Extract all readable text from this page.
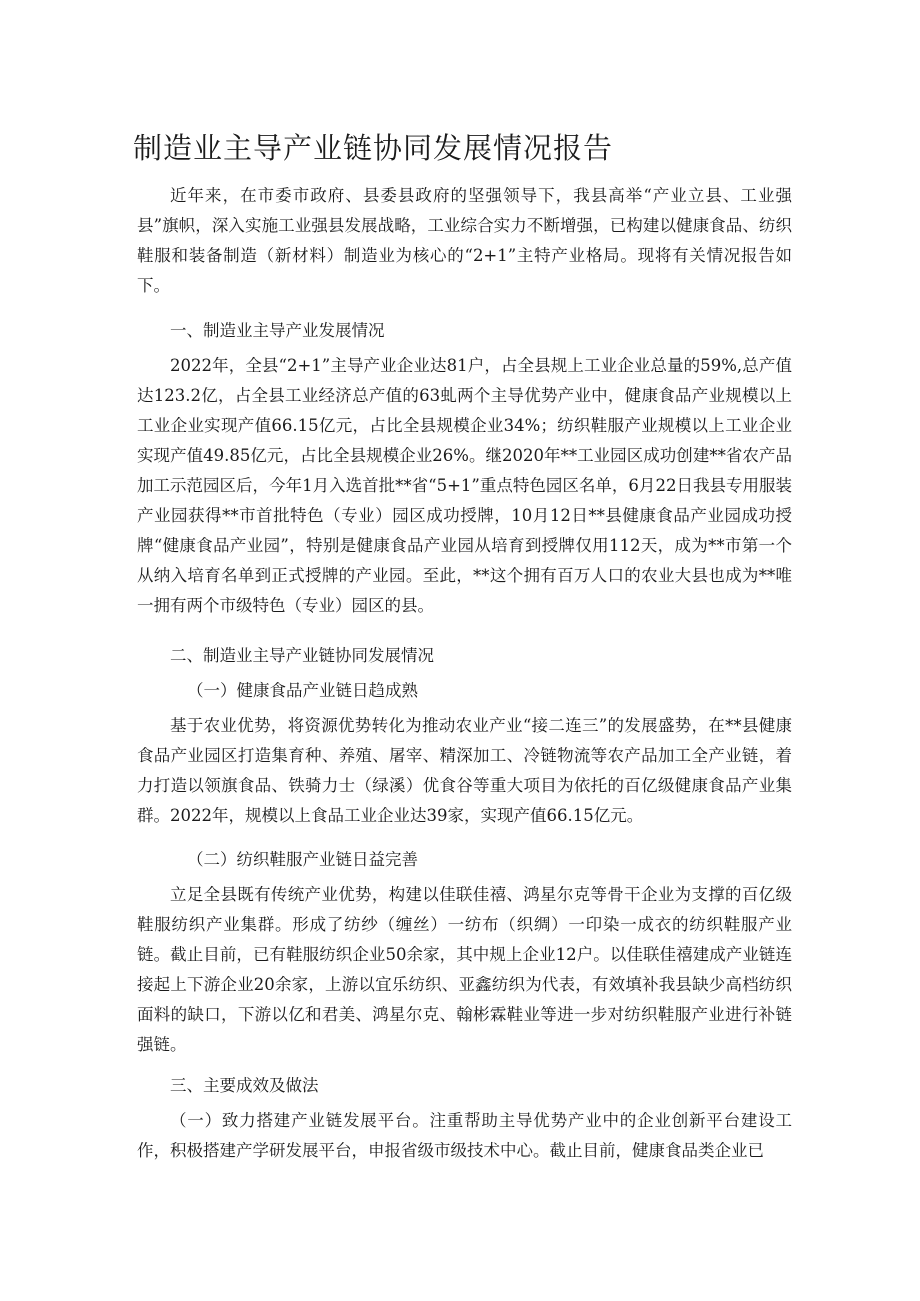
制造业主导产业链协同发展情况报告

近年来，在市委市政府、县委县政府的坚强领导下，我县高举“产业立县、工业强县”旗帜，深入实施工业强县发展战略，工业综合实力不断增强，已构建以健康食品、纺织鞋服和装备制造（新材料）制造业为核心的“2+1”主特产业格局。现将有关情况报告如下。

一、制造业主导产业发展情况

2022年，全县“2+1”主导产业企业达81户，占全县规上工业企业总量的59%,总产值达123.2亿，占全县工业经济总产值的63虬两个主导优势产业中，健康食品产业规模以上工业企业实现产值66.15亿元，占比全县规模企业34%；纺织鞋服产业规模以上工业企业实现产值49.85亿元，占比全县规模企业26%。继2020年**工业园区成功创建**省农产品加工示范园区后，今年1月入选首批**省“5+1”重点特色园区名单，6月22日我县专用服装产业园获得**市首批特色（专业）园区成功授牌，10月12日**县健康食品产业园成功授牌“健康食品产业园”，特别是健康食品产业园从培育到授牌仅用112天，成为**市第一个从纳入培育名单到正式授牌的产业园。至此，**这个拥有百万人口的农业大县也成为**唯一拥有两个市级特色（专业）园区的县。

二、制造业主导产业链协同发展情况
（一）健康食品产业链日趋成熟

基于农业优势，将资源优势转化为推动农业产业“接二连三”的发展盛势，在**县健康食品产业园区打造集育种、养殖、屠宰、精深加工、冷链物流等农产品加工全产业链，着力打造以领旗食品、铁骑力士（绿溪）优食谷等重大项目为依托的百亿级健康食品产业集群。2022年，规模以上食品工业企业达39家，实现产值66.15亿元。

（二）纺织鞋服产业链日益完善

立足全县既有传统产业优势，构建以佳联佳禧、鸿星尔克等骨干企业为支撑的百亿级鞋服纺织产业集群。形成了纺纱（缠丝）一纺布（织绸）一印染一成衣的纺织鞋服产业链。截止目前，已有鞋服纺织企业50余家，其中规上企业12户。以佳联佳禧建成产业链连接起上下游企业20余家，上游以宜乐纺织、亚鑫纺织为代表，有效填补我县缺少高档纺织面料的缺口，下游以亿和君美、鸿星尔克、翰彬霖鞋业等进一步对纺织鞋服产业进行补链强链。

三、主要成效及做法

（一）致力搭建产业链发展平台。注重帮助主导优势产业中的企业创新平台建设工作，积极搭建产学研发展平台，申报省级市级技术中心。截止目前，健康食品类企业已
